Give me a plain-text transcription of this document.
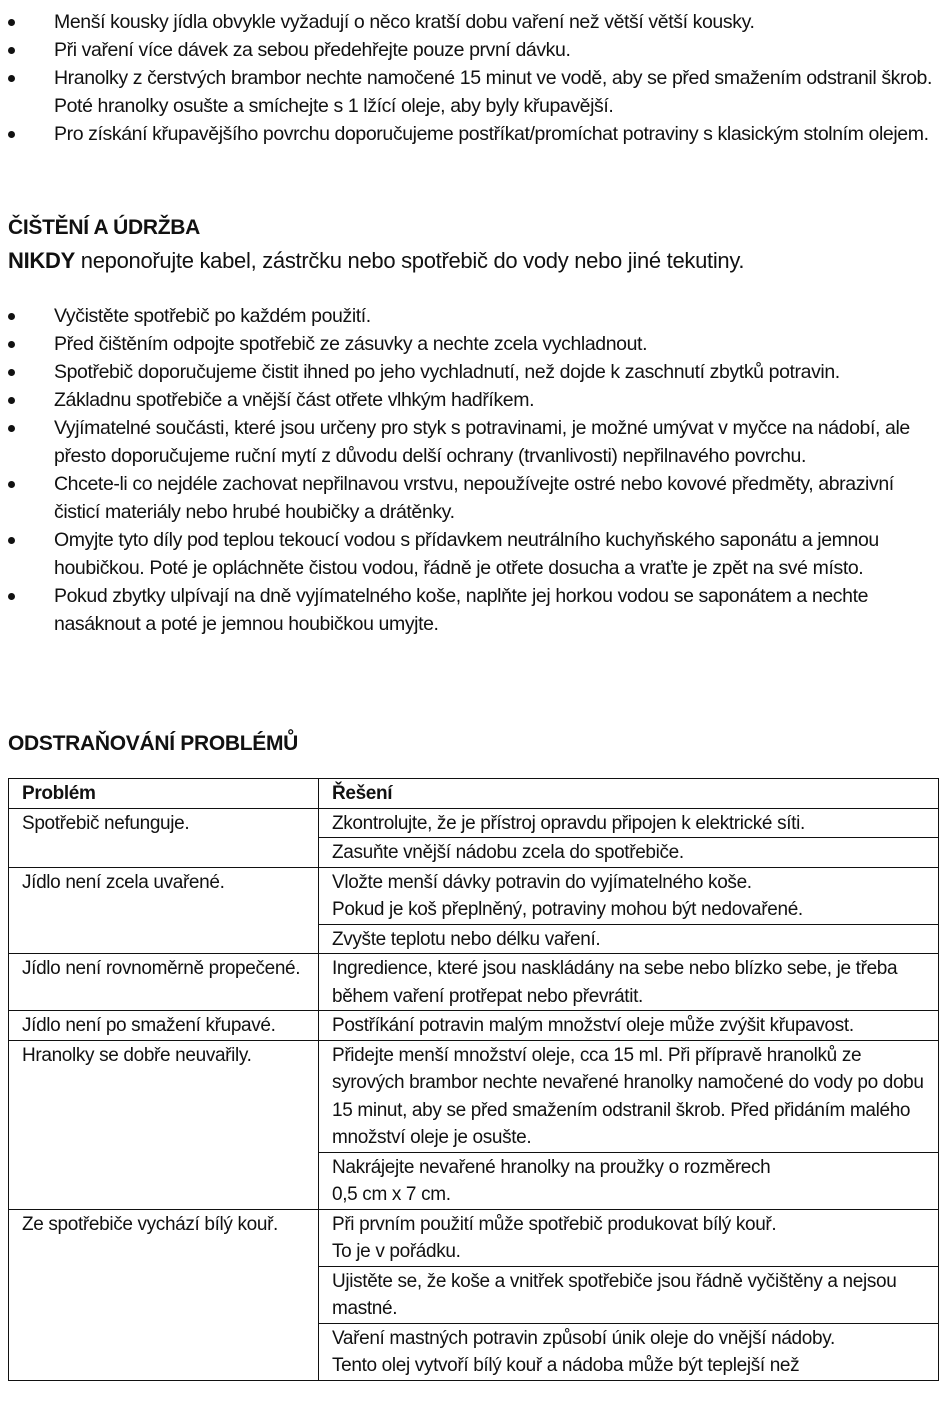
Menší kousky jídla obvykle vyžadují o něco kratší dobu vaření než větší větší kousky.
Při vaření více dávek za sebou předehřejte pouze první dávku.
Hranolky z čerstvých brambor nechte namočené 15 minut ve vodě, aby se před smažením odstranil škrob. Poté hranolky osušte a smíchejte s 1 lžící oleje, aby byly křupavější.
Pro získání křupavějšího povrchu doporučujeme postříkat/promíchat potraviny s klasickým stolním olejem.
ČIŠTĚNÍ A ÚDRŽBA
NIKDY neponořujte kabel, zástrčku nebo spotřebič do vody nebo jiné tekutiny.
Vyčistěte spotřebič po každém použití.
Před čištěním odpojte spotřebič ze zásuvky a nechte zcela vychladnout.
Spotřebič doporučujeme čistit ihned po jeho vychladnutí, než dojde k zaschnutí zbytků potravin.
Základnu spotřebiče a vnější část otřete vlhkým hadříkem.
Vyjímatelné součásti, které jsou určeny pro styk s potravinami, je možné umývat v myčce na nádobí, ale přesto doporučujeme ruční mytí z důvodu delší ochrany (trvanlivosti) nepřilnavého povrchu.
Chcete-li co nejdéle zachovat nepřilnavou vrstvu, nepoužívejte ostré nebo kovové předměty, abrazivní čisticí materiály nebo hrubé houbičky a drátěnky.
Omyjte tyto díly pod teplou tekoucí vodou s přídavkem neutrálního kuchyňského saponátu a jemnou houbičkou. Poté je opláchněte čistou vodou, řádně je otřete dosucha a vraťte je zpět na své místo.
Pokud zbytky ulpívají na dně vyjímatelného koše, naplňte jej horkou vodou se saponátem a nechte nasáknout a poté je jemnou houbičkou umyjte.
ODSTRAŇOVÁNÍ PROBLÉMŮ
Problém	Řešení
Spotřebič nefunguje.	Zkontrolujte, že je přístroj opravdu připojen k elektrické síti.

	Zasuňte vnější nádobu zcela do spotřebiče.

Jídlo není zcela uvařené.	Vložte menší dávky potravin do vyjímatelného koše.
Pokud je koš přeplněný, potraviny mohou být nedovařené.

	Zvyšte teplotu nebo délku vaření.

Jídlo není rovnoměrně propečené.	Ingredience, které jsou naskládány na sebe nebo blízko sebe, je třeba během vaření protřepat nebo převrátit.

Jídlo není po smažení křupavé.	Postříkání potravin malým množství oleje může zvýšit křupavost.

Hranolky se dobře neuvařily.	Přidejte menší množství oleje, cca 15 ml. Při přípravě hranolků ze syrových brambor nechte nevařené hranolky namočené do vody po dobu 15 minut, aby se před smažením odstranil škrob. Před přidáním malého množství oleje je osušte.

	Nakrájejte nevařené hranolky na proužky o rozměrech
0,5 cm x 7 cm.

Ze spotřebiče vychází bílý kouř.	Při prvním použití může spotřebič produkovat bílý kouř.
To je v pořádku.

	Ujistěte se, že koše a vnitřek spotřebiče jsou řádně vyčištěny a nejsou mastné.

	Vaření mastných potravin způsobí únik oleje do vnější nádoby.
Tento olej vytvoří bílý kouř a nádoba může být teplejší než
